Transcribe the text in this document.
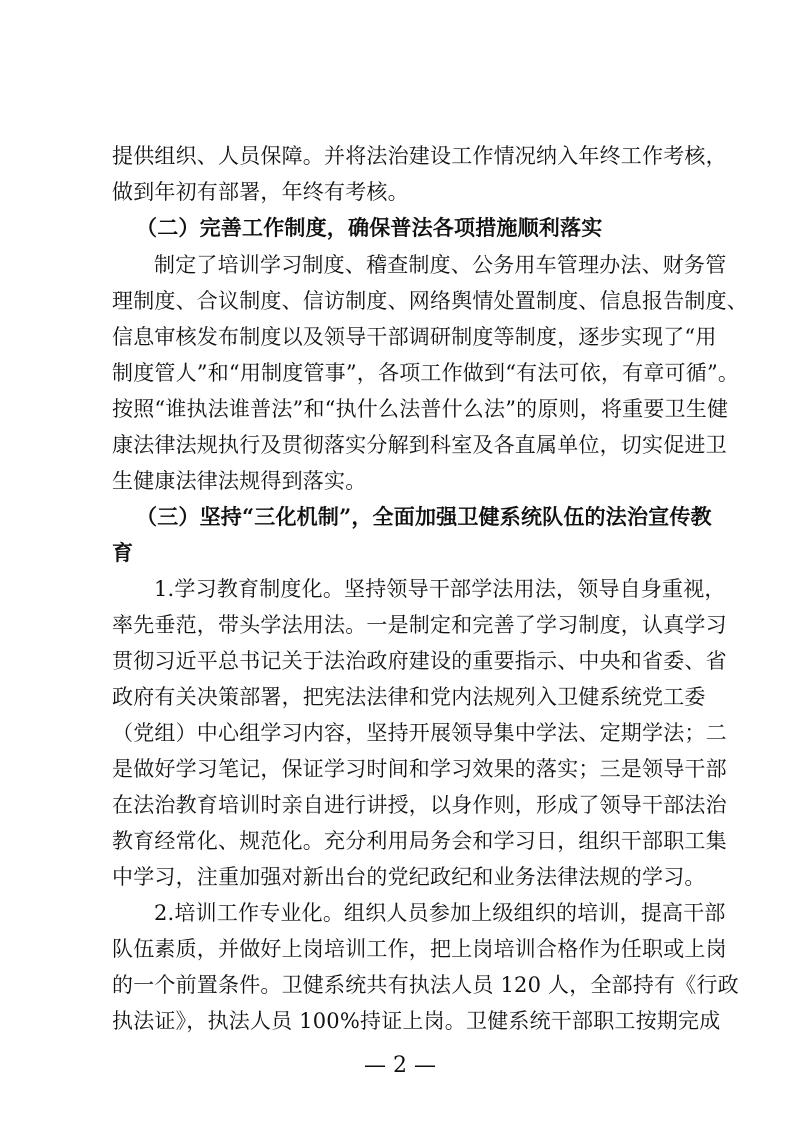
提供组织、人员保障。并将法治建设工作情况纳入年终工作考核，
做到年初有部署，年终有考核。
（二）完善工作制度，确保普法各项措施顺利落实
制定了培训学习制度、稽查制度、公务用车管理办法、财务管
理制度、合议制度、信访制度、网络舆情处置制度、信息报告制度、
信息审核发布制度以及领导干部调研制度等制度，逐步实现了“用
制度管人”和“用制度管事”，各项工作做到“有法可依，有章可循”。
按照“谁执法谁普法”和“执什么法普什么法”的原则，将重要卫生健
康法律法规执行及贯彻落实分解到科室及各直属单位，切实促进卫
生健康法律法规得到落实。
（三）坚持“三化机制”，全面加强卫健系统队伍的法治宣传教
育
1.学习教育制度化。坚持领导干部学法用法，领导自身重视，
率先垂范，带头学法用法。一是制定和完善了学习制度，认真学习
贯彻习近平总书记关于法治政府建设的重要指示、中央和省委、省
政府有关决策部署，把宪法法律和党内法规列入卫健系统党工委
（党组）中心组学习内容，坚持开展领导集中学法、定期学法；二
是做好学习笔记，保证学习时间和学习效果的落实；三是领导干部
在法治教育培训时亲自进行讲授，以身作则，形成了领导干部法治
教育经常化、规范化。充分利用局务会和学习日，组织干部职工集
中学习，注重加强对新出台的党纪政纪和业务法律法规的学习。
2.培训工作专业化。组织人员参加上级组织的培训，提高干部
队伍素质，并做好上岗培训工作，把上岗培训合格作为任职或上岗
的一个前置条件。卫健系统共有执法人员 120 人，全部持有《行政
执法证》，执法人员 100%持证上岗。卫健系统干部职工按期完成
— 2 —
